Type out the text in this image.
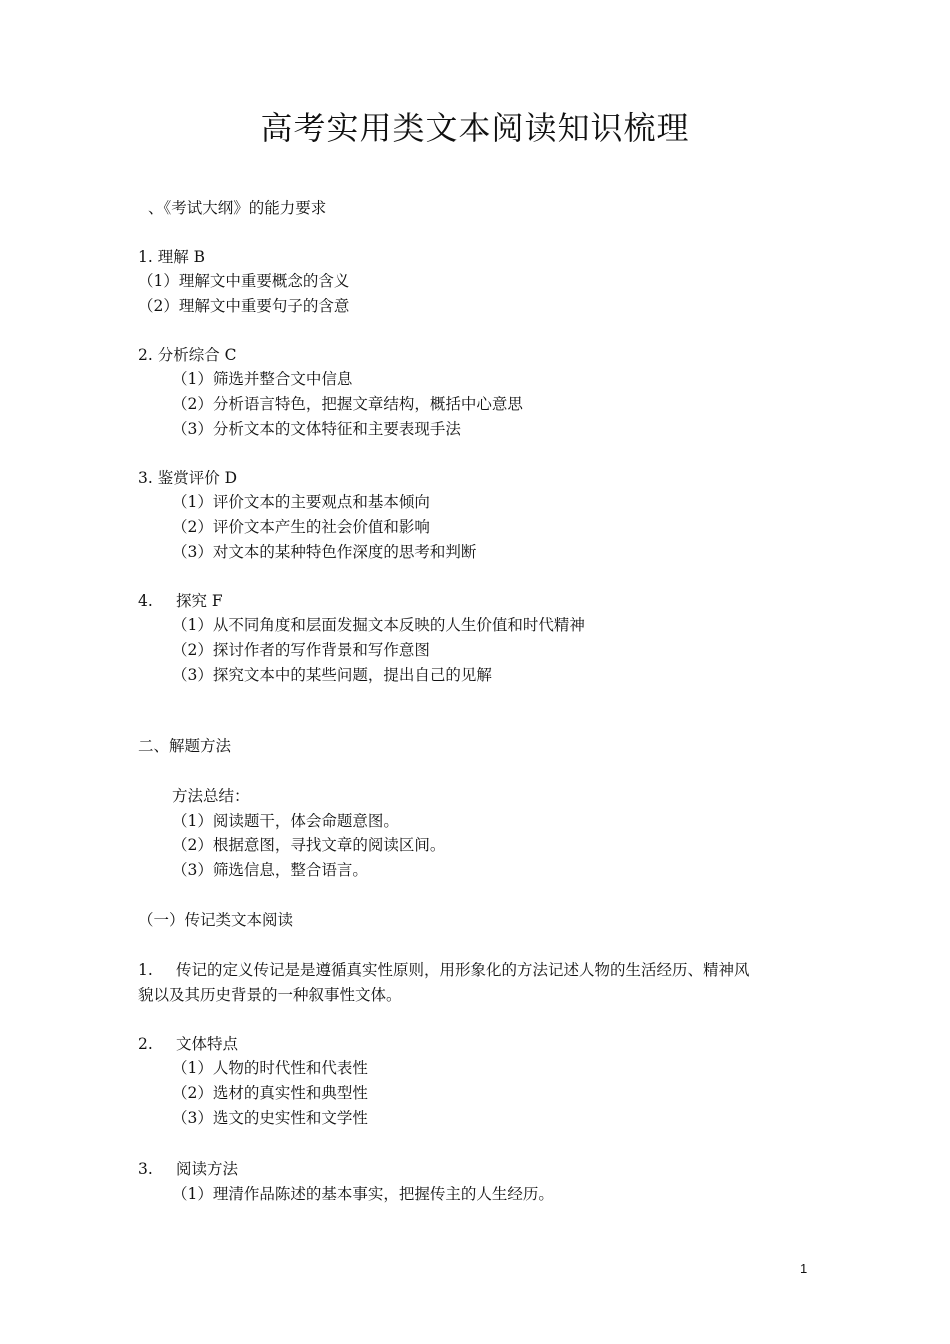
高考实用类文本阅读知识梳理
、《考试大纲》的能力要求
1. 理解 B
（1）理解文中重要概念的含义
（2）理解文中重要句子的含意
2. 分析综合 C
（1）筛选并整合文中信息
（2）分析语言特色，把握文章结构，概括中心意思
（3）分析文本的文体特征和主要表现手法
3. 鉴赏评价 D
（1）评价文本的主要观点和基本倾向
（2）评价文本产生的社会价值和影响
（3）对文本的某种特色作深度的思考和判断
4. 探究 F
（1）从不同角度和层面发掘文本反映的人生价值和时代精神
（2）探讨作者的写作背景和写作意图
（3）探究文本中的某些问题，提出自己的见解
二、解题方法
方法总结：
（1）阅读题干，体会命题意图。
（2）根据意图，寻找文章的阅读区间。
（3）筛选信息，整合语言。
（一）传记类文本阅读
1. 传记的定义传记是是遵循真实性原则，用形象化的方法记述人物的生活经历、精神风
貌以及其历史背景的一种叙事性文体。
2. 文体特点
（1）人物的时代性和代表性
（2）选材的真实性和典型性
（3）选文的史实性和文学性
3. 阅读方法
（1）理清作品陈述的基本事实，把握传主的人生经历。
1
